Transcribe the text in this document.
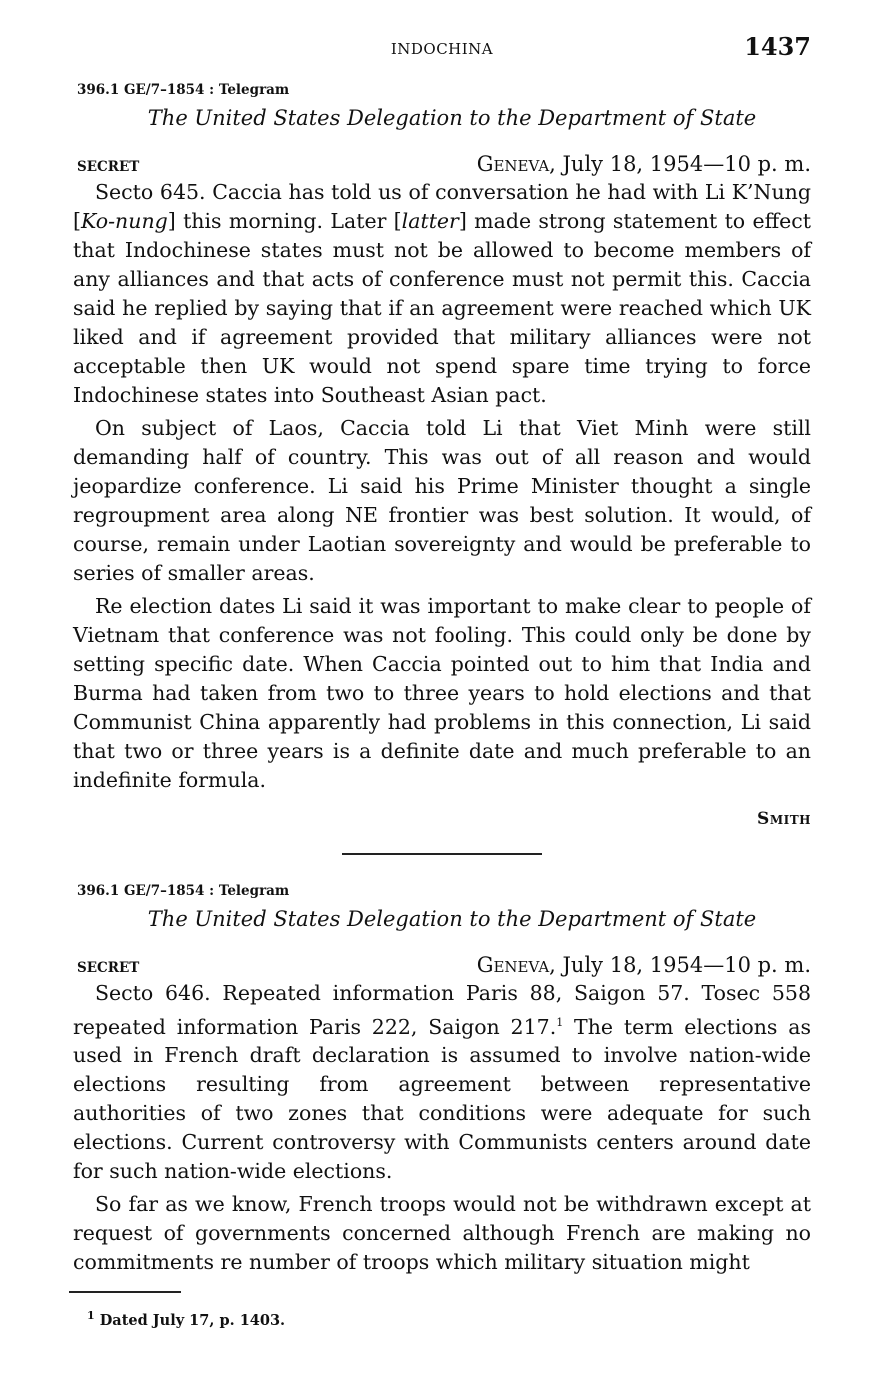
INDOCHINA	1437
396.1 GE/7–1854 : Telegram
The United States Delegation to the Department of State
SECRET	Geneva, July 18, 1954—10 p. m.

Secto 645. Caccia has told us of conversation he had with Li K’Nung [Ko-nung] this morning. Later [latter] made strong statement to effect that Indochinese states must not be allowed to become members of any alliances and that acts of conference must not permit this. Caccia said he replied by saying that if an agreement were reached which UK liked and if agreement provided that military alliances were not acceptable then UK would not spend spare time trying to force Indochinese states into Southeast Asian pact.

On subject of Laos, Caccia told Li that Viet Minh were still demanding half of country. This was out of all reason and would jeopardize conference. Li said his Prime Minister thought a single regroupment area along NE frontier was best solution. It would, of course, remain under Laotian sovereignty and would be preferable to series of smaller areas.

Re election dates Li said it was important to make clear to people of Vietnam that conference was not fooling. This could only be done by setting specific date. When Caccia pointed out to him that India and Burma had taken from two to three years to hold elections and that Communist China apparently had problems in this connection, Li said that two or three years is a definite date and much preferable to an indefinite formula.

Smith
396.1 GE/7–1854 : Telegram
The United States Delegation to the Department of State
SECRET	Geneva, July 18, 1954—10 p. m.

Secto 646. Repeated information Paris 88, Saigon 57. Tosec 558 repeated information Paris 222, Saigon 217.$^1$ The term elections as used in French draft declaration is assumed to involve nation-wide elections resulting from agreement between representative authorities of two zones that conditions were adequate for such elections. Current controversy with Communists centers around date for such nation-wide elections.

So far as we know, French troops would not be withdrawn except at request of governments concerned although French are making no commitments re number of troops which military situation might

$^1$ Dated July 17, p. 1403.
